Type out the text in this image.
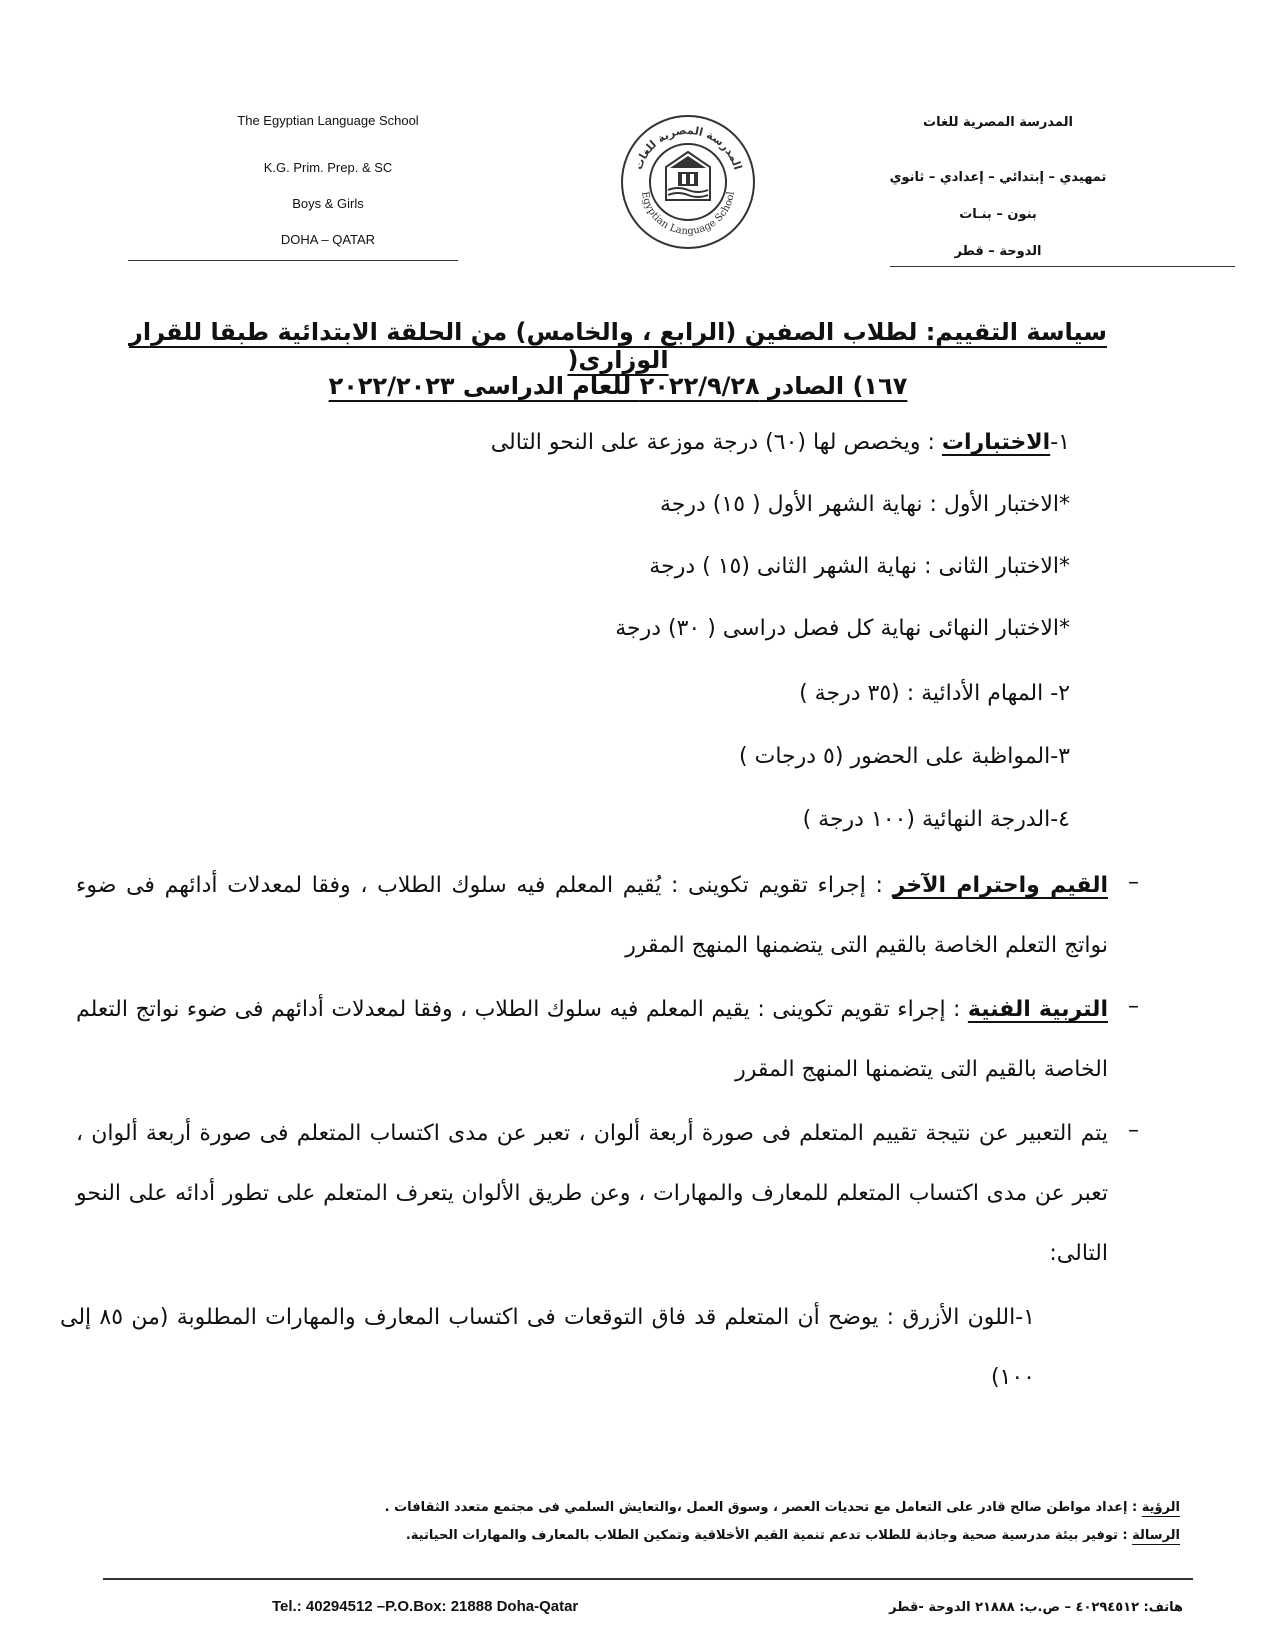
The Egyptian Language School
K.G. Prim. Prep. & SC
Boys & Girls
DOHA – QATAR
المدرسة المصرية للغات
Egyptian Language School
المدرسة المصرية للغات
تمهيدي – إبتدائي – إعدادي – ثانوي
بنون – بنـات
الدوحة – قطر
سياسة التقييم: لطلاب الصفين (الرابع ، والخامس) من الحلقة الابتدائية طبقا للقرار الوزارى(
١٦٧) الصادر ٢٠٢٢/٩/٢٨ للعام الدراسى ٢٠٢٢/٢٠٢٣
١-الاختبارات : ويخصص لها (٦٠) درجة موزعة على النحو التالى
*الاختبار الأول : نهاية الشهر الأول ( ١٥) درجة
*الاختبار الثانى : نهاية الشهر الثانى (١٥ ) درجة
*الاختبار النهائى نهاية كل فصل دراسى ( ٣٠) درجة
٢- المهام الأدائية : (٣٥ درجة )
٣-المواظبة على الحضور (٥ درجات )
٤-الدرجة النهائية (١٠٠ درجة )
–
القيم واحترام الآخر : إجراء تقويم تكوينى : يُقيم المعلم فيه سلوك الطلاب ، وفقا لمعدلات أدائهم فى ضوء نواتج التعلم الخاصة بالقيم التى يتضمنها المنهج المقرر
–
التربية الفنية : إجراء تقويم تكوينى : يقيم المعلم فيه سلوك الطلاب ، وفقا لمعدلات أدائهم فى ضوء نواتج التعلم الخاصة بالقيم التى يتضمنها المنهج المقرر
–
يتم التعبير عن نتيجة تقييم المتعلم فى صورة أربعة ألوان ، تعبر عن مدى اكتساب المتعلم فى صورة أربعة ألوان ، تعبر عن مدى اكتساب المتعلم للمعارف والمهارات ، وعن طريق الألوان يتعرف المتعلم على تطور أدائه على النحو التالى:
١-اللون الأزرق : يوضح أن المتعلم قد فاق التوقعات فى اكتساب المعارف والمهارات المطلوبة (من ٨٥ إلى ١٠٠)
الرؤية : إعداد مواطن صالح قادر على التعامل مع تحديات العصر ، وسوق العمل ،والتعايش السلمي فى مجتمع متعدد الثقافات .
الرسالة : توفير بيئة مدرسية صحية وجاذبة للطلاب تدعم تنمية القيم الأخلاقية وتمكين الطلاب بالمعارف والمهارات الحياتية.
Tel.: 40294512 –P.O.Box: 21888 Doha-Qatar	هاتف: ٤٠٢٩٤٥١٢ – ص.ب: ٢١٨٨٨ الدوحة -قطر
